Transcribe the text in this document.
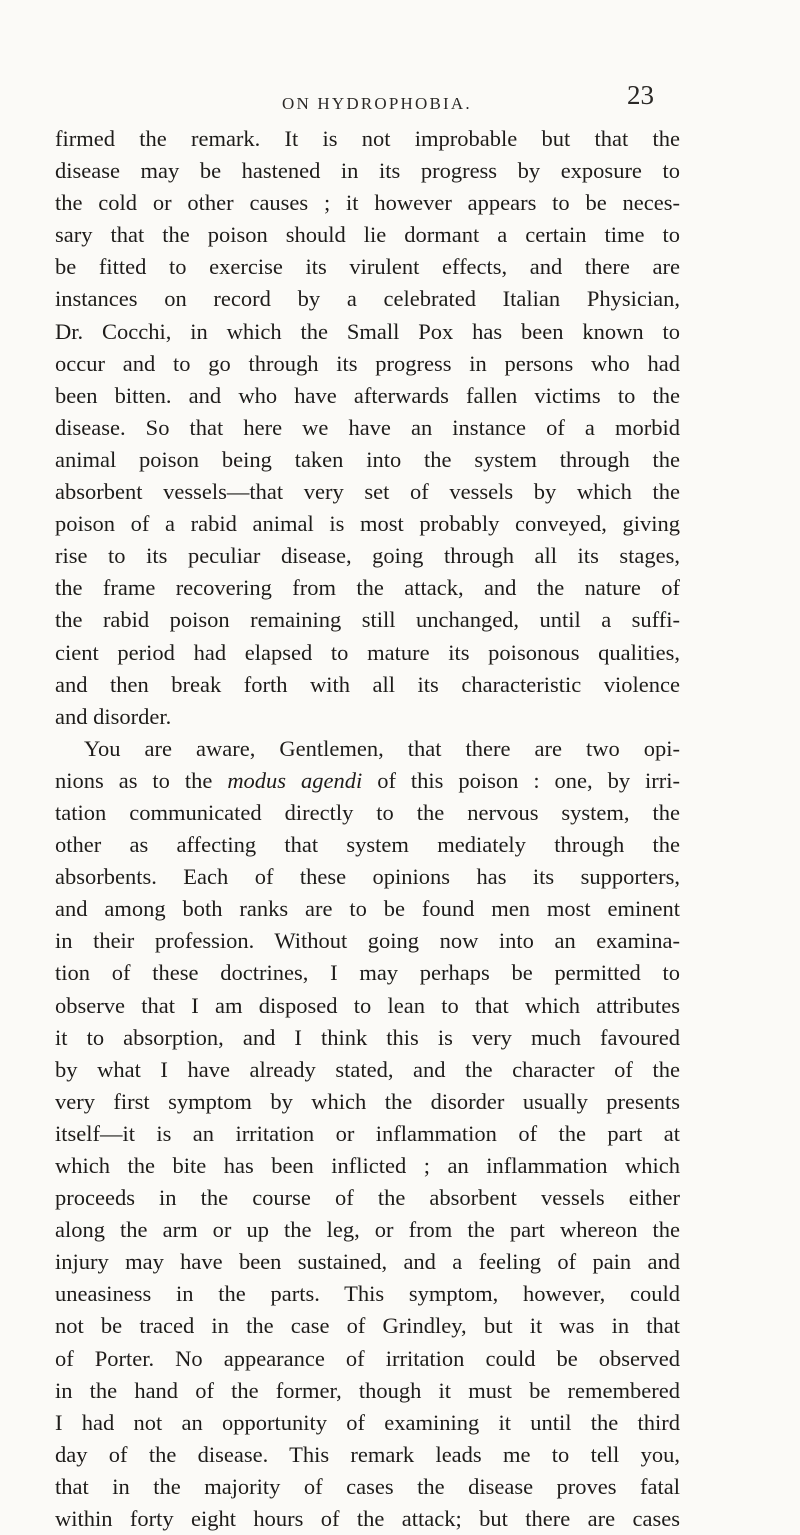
ON HYDROPHOBIA.	23
firmed the remark. It is not improbable but that the
disease may be hastened in its progress by exposure to
the cold or other causes ; it however appears to be neces-
sary that the poison should lie dormant a certain time to
be fitted to exercise its virulent effects, and there are
instances on record by a celebrated Italian Physician,
Dr. Cocchi, in which the Small Pox has been known to
occur and to go through its progress in persons who had
been bitten. and who have afterwards fallen victims to the
disease. So that here we have an instance of a morbid
animal poison being taken into the system through the
absorbent vessels—that very set of vessels by which the
poison of a rabid animal is most probably conveyed, giving
rise to its peculiar disease, going through all its stages,
the frame recovering from the attack, and the nature of
the rabid poison remaining still unchanged, until a suffi-
cient period had elapsed to mature its poisonous qualities,
and then break forth with all its characteristic violence
and disorder.
You are aware, Gentlemen, that there are two opi-
nions as to the modus agendi of this poison : one, by irri-
tation communicated directly to the nervous system, the
other as affecting that system mediately through the
absorbents. Each of these opinions has its supporters,
and among both ranks are to be found men most eminent
in their profession. Without going now into an examina-
tion of these doctrines, I may perhaps be permitted to
observe that I am disposed to lean to that which attributes
it to absorption, and I think this is very much favoured
by what I have already stated, and the character of the
very first symptom by which the disorder usually presents
itself—it is an irritation or inflammation of the part at
which the bite has been inflicted ; an inflammation which
proceeds in the course of the absorbent vessels either
along the arm or up the leg, or from the part whereon the
injury may have been sustained, and a feeling of pain and
uneasiness in the parts. This symptom, however, could
not be traced in the case of Grindley, but it was in that
of Porter. No appearance of irritation could be observed
in the hand of the former, though it must be remembered
I had not an opportunity of examining it until the third
day of the disease. This remark leads me to tell you,
that in the majority of cases the disease proves fatal
within forty eight hours of the attack; but there are cases
